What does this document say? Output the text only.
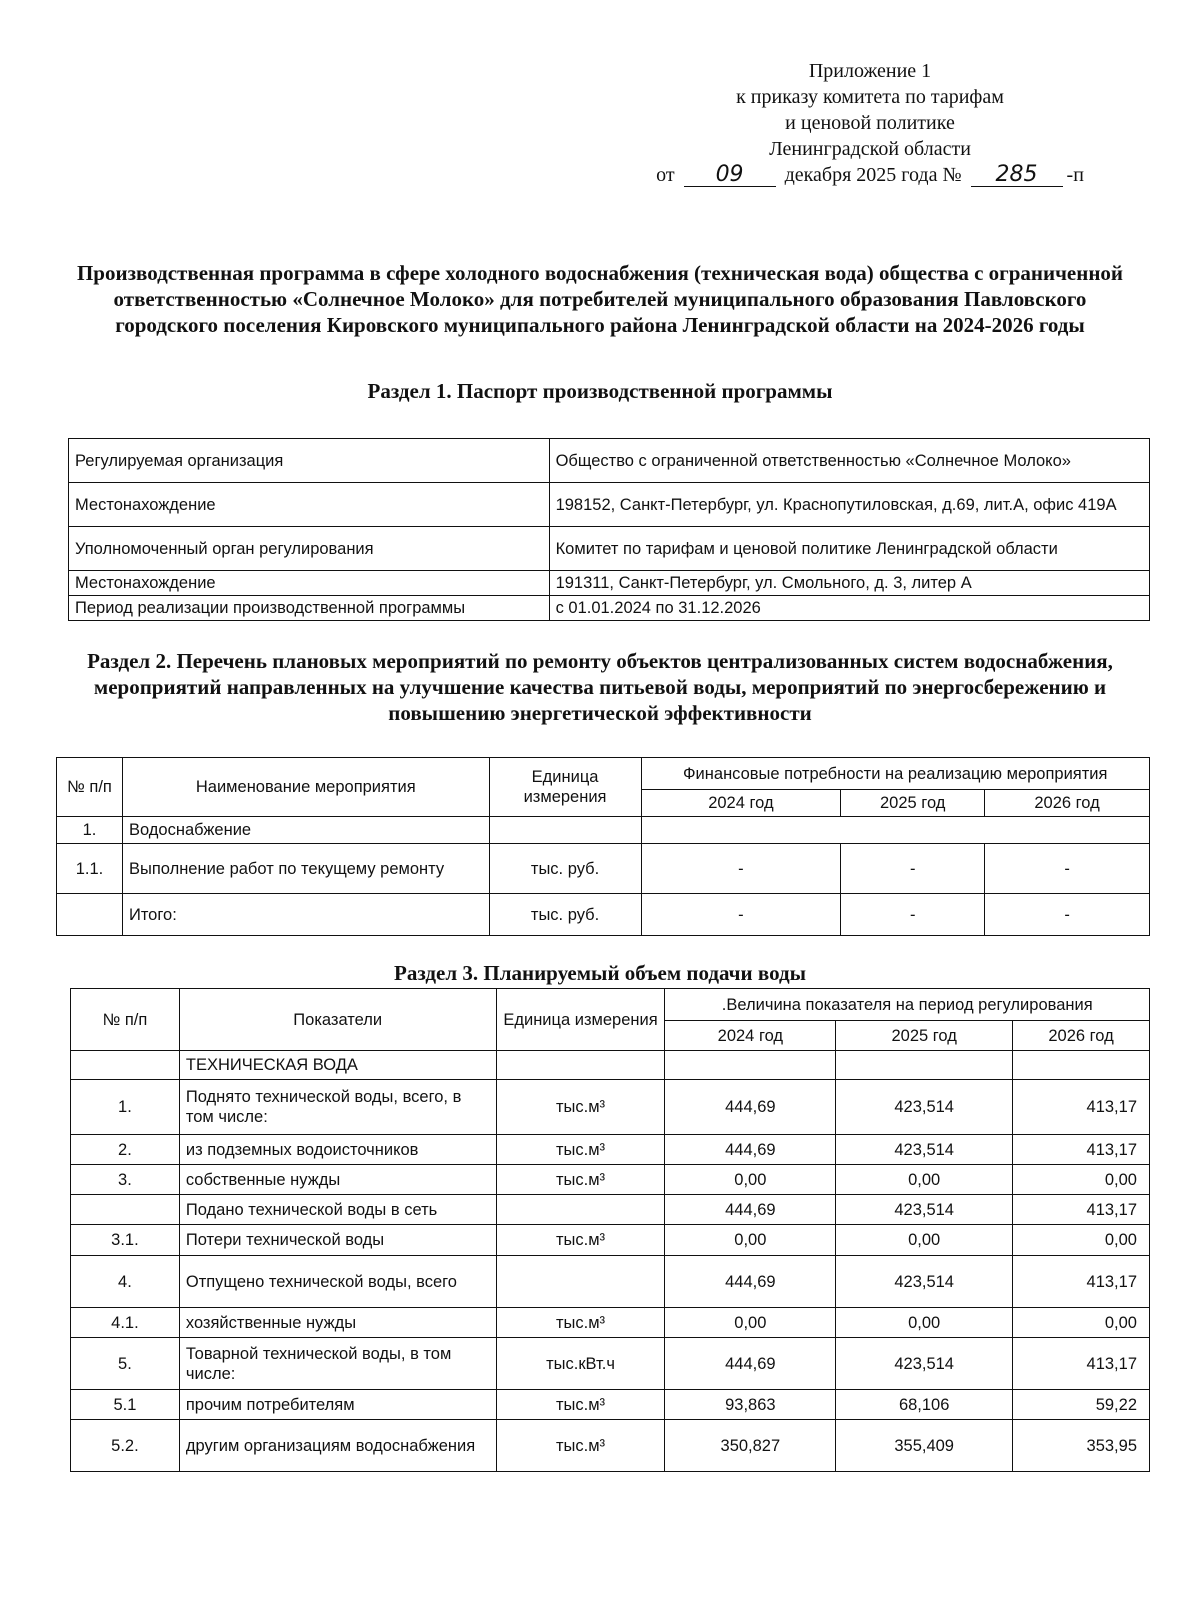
Приложение 1
к приказу комитета по тарифам
и ценовой политике
Ленинградской области
от 09 декабря 2025 года № 285 -п
Производственная программа в сфере холодного водоснабжения (техническая вода) общества с ограниченной ответственностью «Солнечное Молоко» для потребителей муниципального образования Павловского городского поселения Кировского муниципального района Ленинградской области на 2024-2026 годы
Раздел 1. Паспорт производственной программы
Регулируемая организация	Общество с ограниченной ответственностью «Солнечное Молоко»
Местонахождение	198152, Санкт-Петербург, ул. Краснопутиловская, д.69, лит.А, офис 419А
Уполномоченный орган регулирования	Комитет по тарифам и ценовой политике Ленинградской области
Местонахождение	191311, Санкт-Петербург, ул. Смольного, д. 3, литер А
Период реализации производственной программы	с 01.01.2024 по 31.12.2026
Раздел 2. Перечень плановых мероприятий по ремонту объектов централизованных систем водоснабжения, мероприятий направленных на улучшение качества питьевой воды, мероприятий по энергосбережению и повышению энергетической эффективности
№ п/п	Наименование мероприятия	Единица измерения	Финансовые потребности на реализацию мероприятия		
			2024 год	2025 год	2026 год
1.	Водоснабжение				
1.1.	Выполнение работ по текущему ремонту	тыс. руб.	-	-	-
	Итого:	тыс. руб.	-	-	-
Раздел 3. Планируемый объем подачи воды
№ п/п	Показатели	Единица измерения	.Величина показателя на период регулирования		
			2024 год	2025 год	2026 год
	ТЕХНИЧЕСКАЯ ВОДА				
1.	Поднято технической воды, всего, в том числе:	тыс.м³	444,69	423,514	413,17
2.	из подземных водоисточников	тыс.м³	444,69	423,514	413,17
3.	собственные нужды	тыс.м³	0,00	0,00	0,00
	Подано технической воды в сеть		444,69	423,514	413,17
3.1.	Потери технической воды	тыс.м³	0,00	0,00	0,00
4.	Отпущено технической воды, всего		444,69	423,514	413,17
4.1.	хозяйственные нужды	тыс.м³	0,00	0,00	0,00
5.	Товарной технической воды, в том числе:	тыс.кВт.ч	444,69	423,514	413,17
5.1	прочим потребителям	тыс.м³	93,863	68,106	59,22
5.2.	другим организациям водоснабжения	тыс.м³	350,827	355,409	353,95
